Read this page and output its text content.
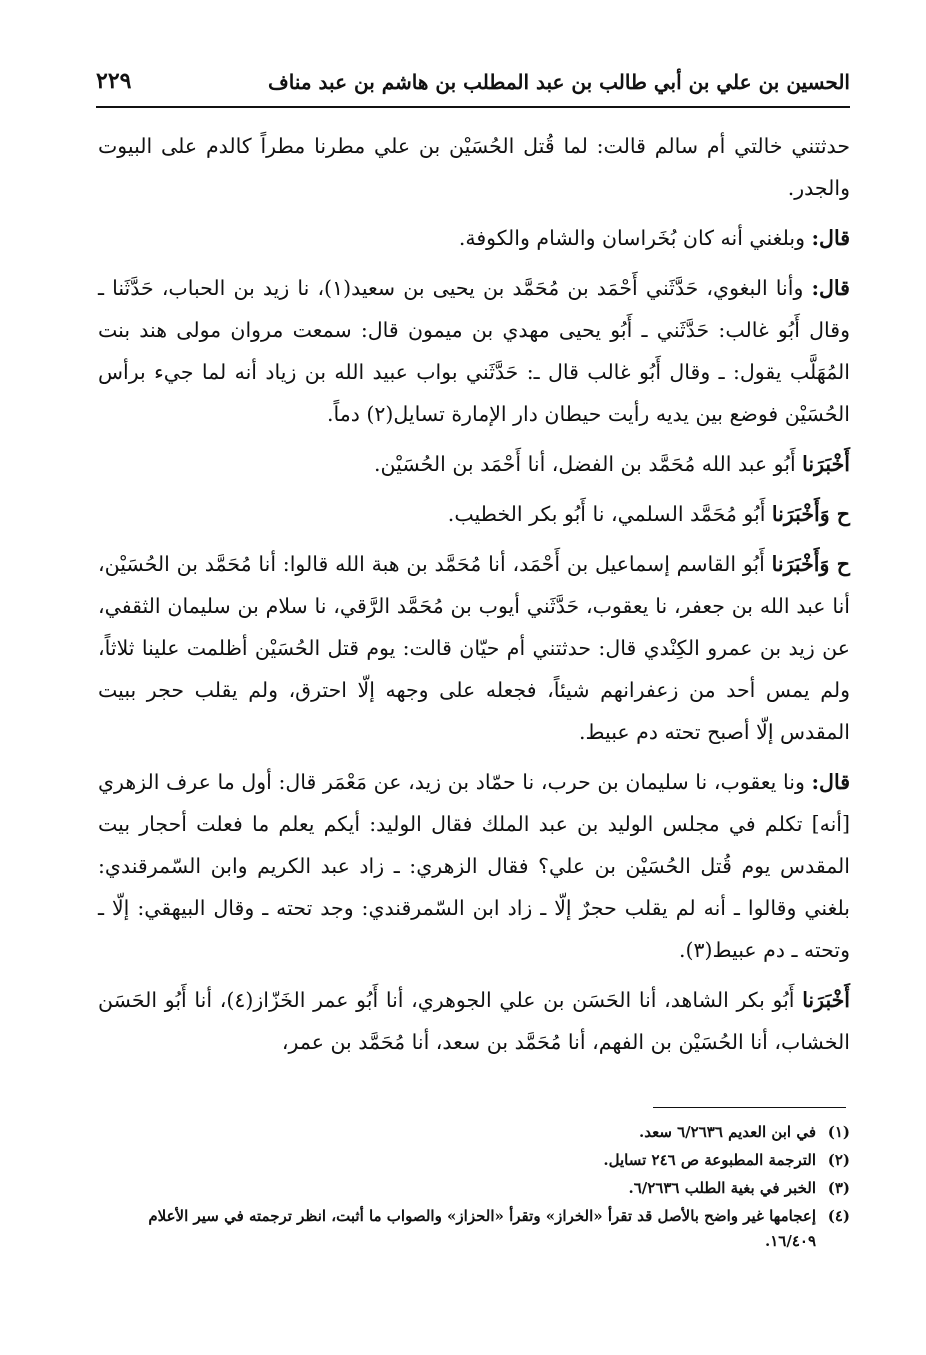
الحسين بن علي بن أبي طالب بن عبد المطلب بن هاشم بن عبد مناف
٢٢٩

حدثتني خالتي أم سالم قالت: لما قُتل الحُسَيْن بن علي مطرنا مطراً كالدم على البيوت والجدر.

قال: وبلغني أنه كان بُخَراسان والشام والكوفة.

قال: وأنا البغوي، حَدَّثَني أَحْمَد بن مُحَمَّد بن يحيى بن سعيد(١)، نا زيد بن الحباب، حَدَّثَنا ـ وقال أَبُو غالب: حَدَّثَني ـ أَبُو يحيى مهدي بن ميمون قال: سمعت مروان مولى هند بنت المُهَلَّب يقول: ـ وقال أَبُو غالب قال ـ: حَدَّثَني بواب عبيد الله بن زياد أنه لما جيء برأس الحُسَيْن فوضع بين يديه رأيت حيطان دار الإمارة تسايل(٢) دماً.

أَخْبَرَنا أَبُو عبد الله مُحَمَّد بن الفضل، أنا أَحْمَد بن الحُسَيْن.

ح وَأَخْبَرَنا أَبُو مُحَمَّد السلمي، نا أَبُو بكر الخطيب.

ح وَأَخْبَرَنا أَبُو القاسم إسماعيل بن أَحْمَد، أنا مُحَمَّد بن هبة الله قالوا: أنا مُحَمَّد بن الحُسَيْن، أنا عبد الله بن جعفر، نا يعقوب، حَدَّثَني أيوب بن مُحَمَّد الرَّقي، نا سلام بن سليمان الثقفي، عن زيد بن عمرو الكِنْدي قال: حدثتني أم حيّان قالت: يوم قتل الحُسَيْن أظلمت علينا ثلاثاً، ولم يمس أحد من زعفرانهم شيئاً، فجعله على وجهه إلّا احترق، ولم يقلب حجر ببيت المقدس إلّا أصبح تحته دم عبيط.

قال: ونا يعقوب، نا سليمان بن حرب، نا حمّاد بن زيد، عن مَعْمَر قال: أول ما عرف الزهري [أنه] تكلم في مجلس الوليد بن عبد الملك فقال الوليد: أيكم يعلم ما فعلت أحجار بيت المقدس يوم قُتل الحُسَيْن بن علي؟ فقال الزهري: ـ زاد عبد الكريم وابن السّمرقندي: بلغني وقالوا ـ أنه لم يقلب حجرٌ إلّا ـ زاد ابن السّمرقندي: وجد تحته ـ وقال البيهقي: إلّا ـ وتحته ـ دم عبيط(٣).

أَخْبَرَنا أَبُو بكر الشاهد، أنا الحَسَن بن علي الجوهري، أنا أَبُو عمر الخَزّاز(٤)، أنا أَبُو الحَسَن الخشاب، أنا الحُسَيْن بن الفهم، أنا مُحَمَّد بن سعد، أنا مُحَمَّد بن عمر،

(١)
في ابن العديم ٦/٢٦٣٦ سعد.
(٢)
الترجمة المطبوعة ص ٢٤٦ تسايل.
(٣)
الخبر في بغية الطلب ٦/٢٦٣٦.
(٤)
إعجامها غير واضح بالأصل قد تقرأ «الخراز» وتقرأ «الحزاز» والصواب ما أثبت، انظر ترجمته في سير الأعلام ١٦/٤٠٩.
